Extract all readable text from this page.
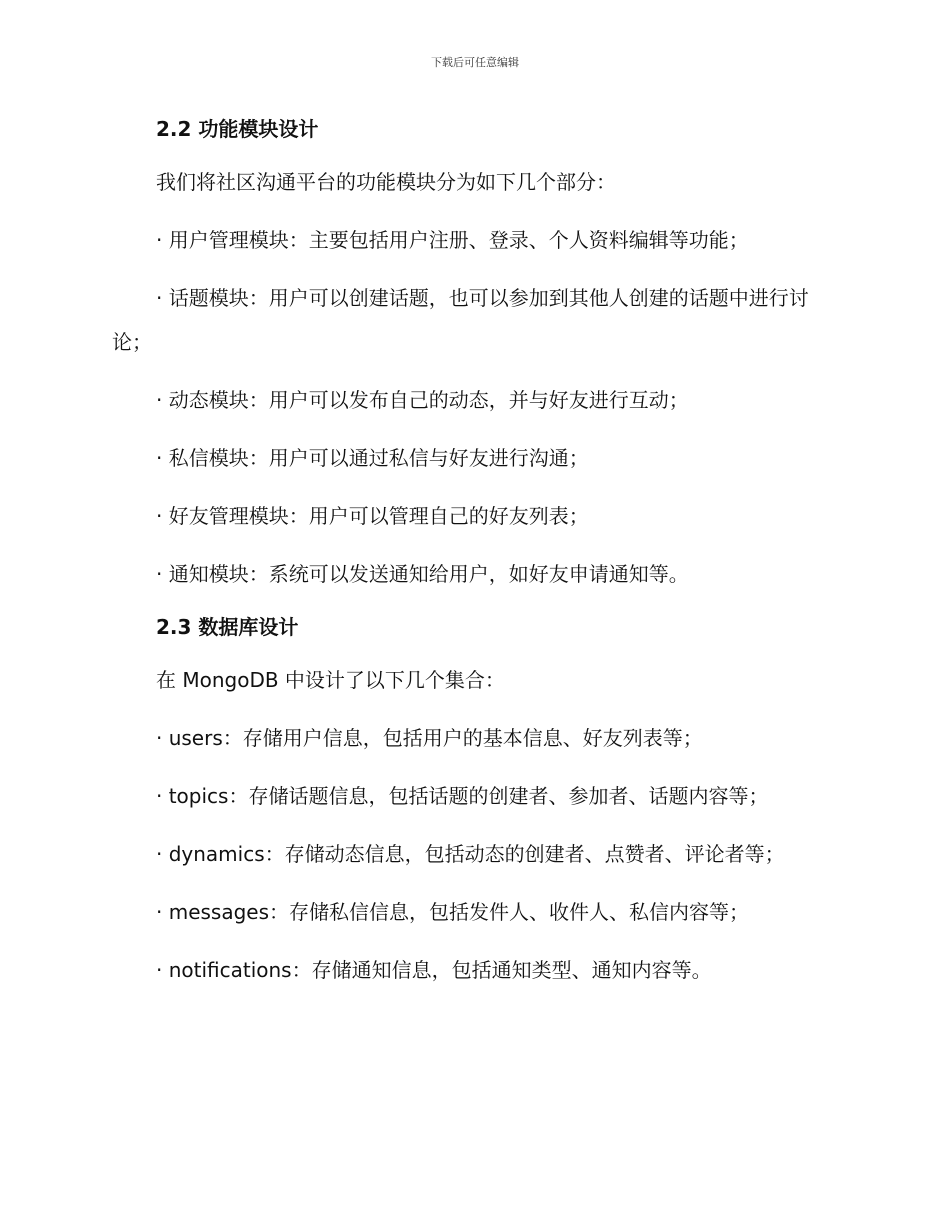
下载后可任意编辑
2.2 功能模块设计

我们将社区沟通平台的功能模块分为如下几个部分：

· 用户管理模块：主要包括用户注册、登录、个人资料编辑等功能；

· 话题模块：用户可以创建话题，也可以参加到其他人创建的话题中进行讨论；

· 动态模块：用户可以发布自己的动态，并与好友进行互动；

· 私信模块：用户可以通过私信与好友进行沟通；

· 好友管理模块：用户可以管理自己的好友列表；

· 通知模块：系统可以发送通知给用户，如好友申请通知等。

2.3 数据库设计

在 MongoDB 中设计了以下几个集合：

· users：存储用户信息，包括用户的基本信息、好友列表等；

· topics：存储话题信息，包括话题的创建者、参加者、话题内容等；

· dynamics：存储动态信息，包括动态的创建者、点赞者、评论者等；

· messages：存储私信信息，包括发件人、收件人、私信内容等；

· notifications：存储通知信息，包括通知类型、通知内容等。
